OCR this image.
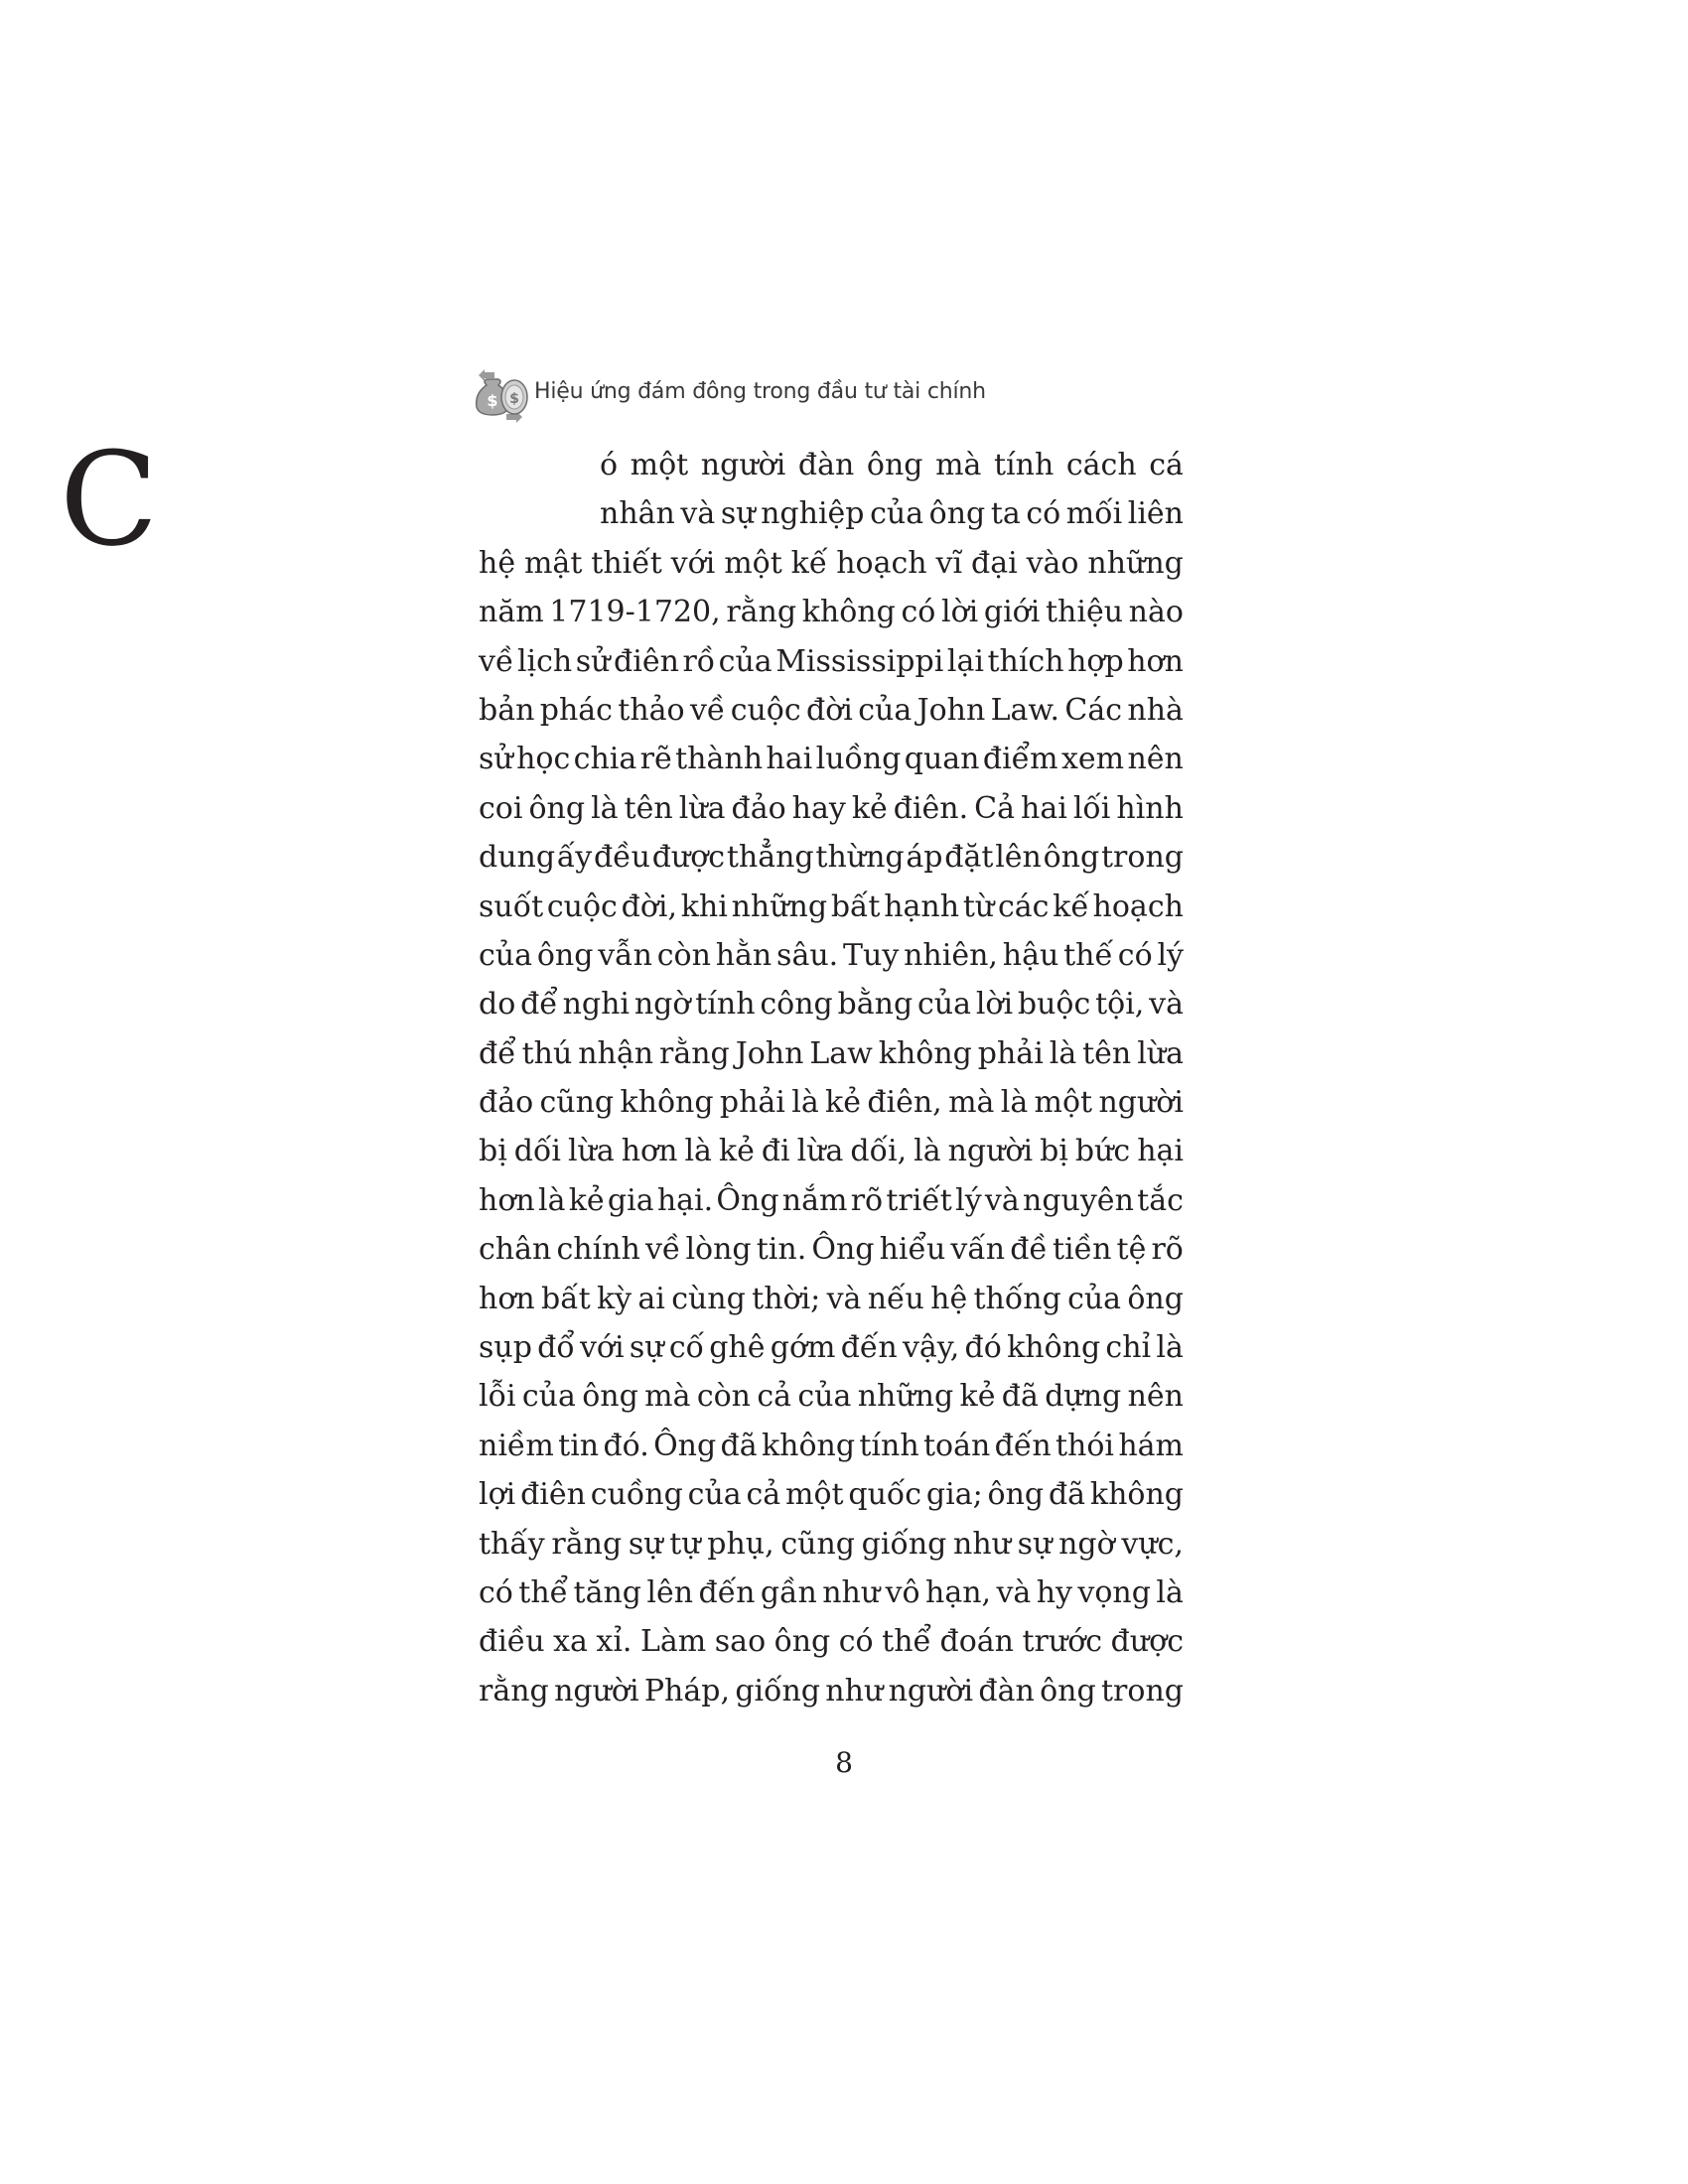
$ $ Hiệu ứng đám đông trong đầu tư tài chính
C	ó một người đàn ông mà tính cách cá
nhân và sự nghiệp của ông ta có mối liên
hệ mật thiết với một kế hoạch vĩ đại vào những
năm 1719-1720, rằng không có lời giới thiệu nào
về lịch sử điên rồ của Mississippi lại thích hợp hơn
bản phác thảo về cuộc đời của John Law. Các nhà
sử học chia rẽ thành hai luồng quan điểm xem nên
coi ông là tên lừa đảo hay kẻ điên. Cả hai lối hình
dung ấy đều được thẳng thừng áp đặt lên ông trong
suốt cuộc đời, khi những bất hạnh từ các kế hoạch
của ông vẫn còn hằn sâu. Tuy nhiên, hậu thế có lý
do để nghi ngờ tính công bằng của lời buộc tội, và
để thú nhận rằng John Law không phải là tên lừa
đảo cũng không phải là kẻ điên, mà là một người
bị dối lừa hơn là kẻ đi lừa dối, là người bị bức hại
hơn là kẻ gia hại. Ông nắm rõ triết lý và nguyên tắc
chân chính về lòng tin. Ông hiểu vấn đề tiền tệ rõ
hơn bất kỳ ai cùng thời; và nếu hệ thống của ông
sụp đổ với sự cố ghê gớm đến vậy, đó không chỉ là
lỗi của ông mà còn cả của những kẻ đã dựng nên
niềm tin đó. Ông đã không tính toán đến thói hám
lợi điên cuồng của cả một quốc gia; ông đã không
thấy rằng sự tự phụ, cũng giống như sự ngờ vực,
có thể tăng lên đến gần như vô hạn, và hy vọng là
điều xa xỉ. Làm sao ông có thể đoán trước được
rằng người Pháp, giống như người đàn ông trong
8
